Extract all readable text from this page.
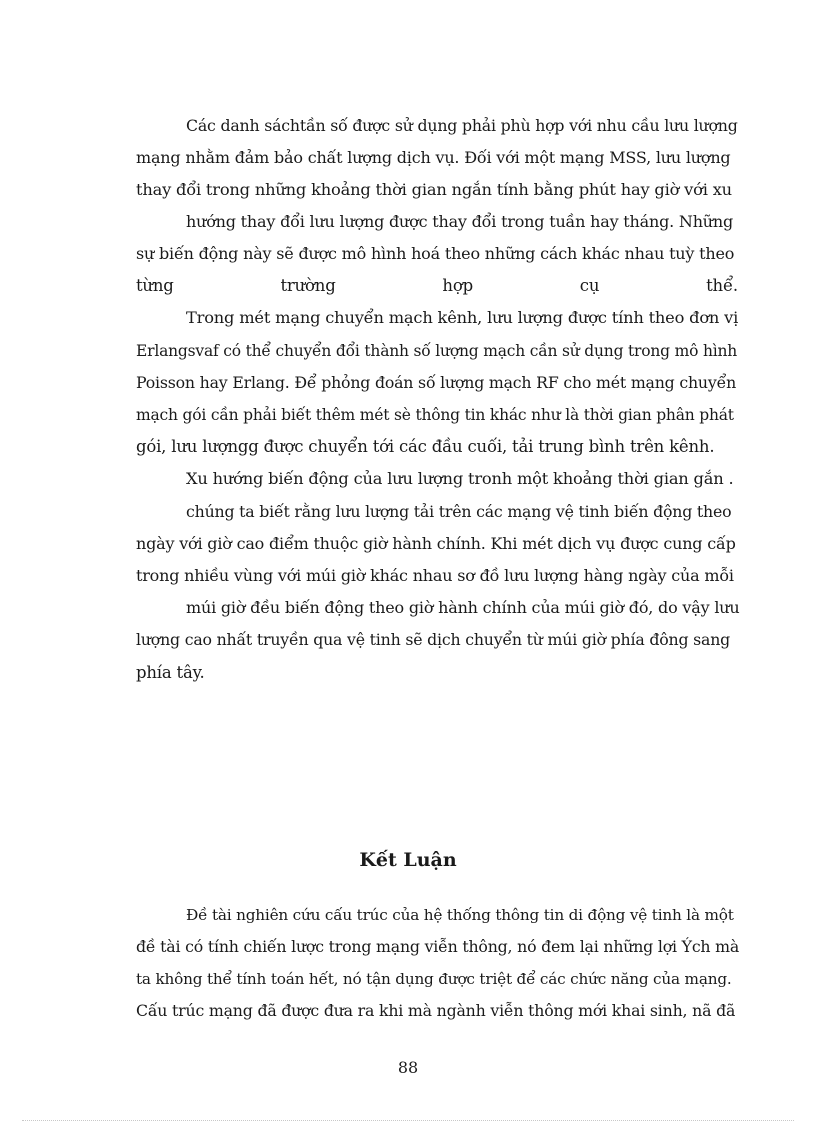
Các danh sáchtần số được sử dụng phải phù hợp với nhu cầu lưu lượng
mạng nhằm đảm bảo chất lượng dịch vụ. Đối với một mạng MSS, lưu lượng
thay đổi trong những khoảng thời gian ngắn tính bằng phút hay giờ với xu
hướng thay đổi lưu lượng được thay đổi trong tuần hay tháng. Những
sự biến động này sẽ được mô hình hoá theo những cách khác nhau tuỳ theo
từng	trường	hợp	cụ	thể.
Trong mét mạng chuyển mạch kênh, lưu lượng được tính theo đơn vị
Erlangsvaf có thể chuyển đổi thành số lượng mạch cần sử dụng trong mô hình
Poisson hay Erlang. Để phỏng đoán số lượng mạch RF cho mét mạng chuyển
mạch gói cần phải biết thêm mét sè thông tin khác như là thời gian phân phát
gói, lưu lượngg được chuyển tới các đầu cuối, tải trung bình trên kênh.
Xu hướng biến động của lưu lượng tronh một khoảng thời gian gắn .
chúng ta biết rằng lưu lượng tải trên các mạng vệ tinh biến động theo
ngày với giờ cao điểm thuộc giờ hành chính. Khi mét dịch vụ được cung cấp
trong nhiều vùng với múi giờ khác nhau sơ đồ lưu lượng hàng ngày của mỗi
múi giờ đều biến động theo giờ hành chính của múi giờ đó, do vậy lưu
lượng cao nhất truyền qua vệ tinh sẽ dịch chuyển từ múi giờ phía đông sang
phía tây.
Kết Luận
Đề tài nghiên cứu cấu trúc của hệ thống thông tin di động vệ tinh là một
đề tài có tính chiến lược trong mạng viễn thông, nó đem lại những lợi Ých mà
ta không thể tính toán hết, nó tận dụng được triệt để các chức năng của mạng.
Cấu trúc mạng đã được đưa ra khi mà ngành viễn thông mới khai sinh, nã đã
88
